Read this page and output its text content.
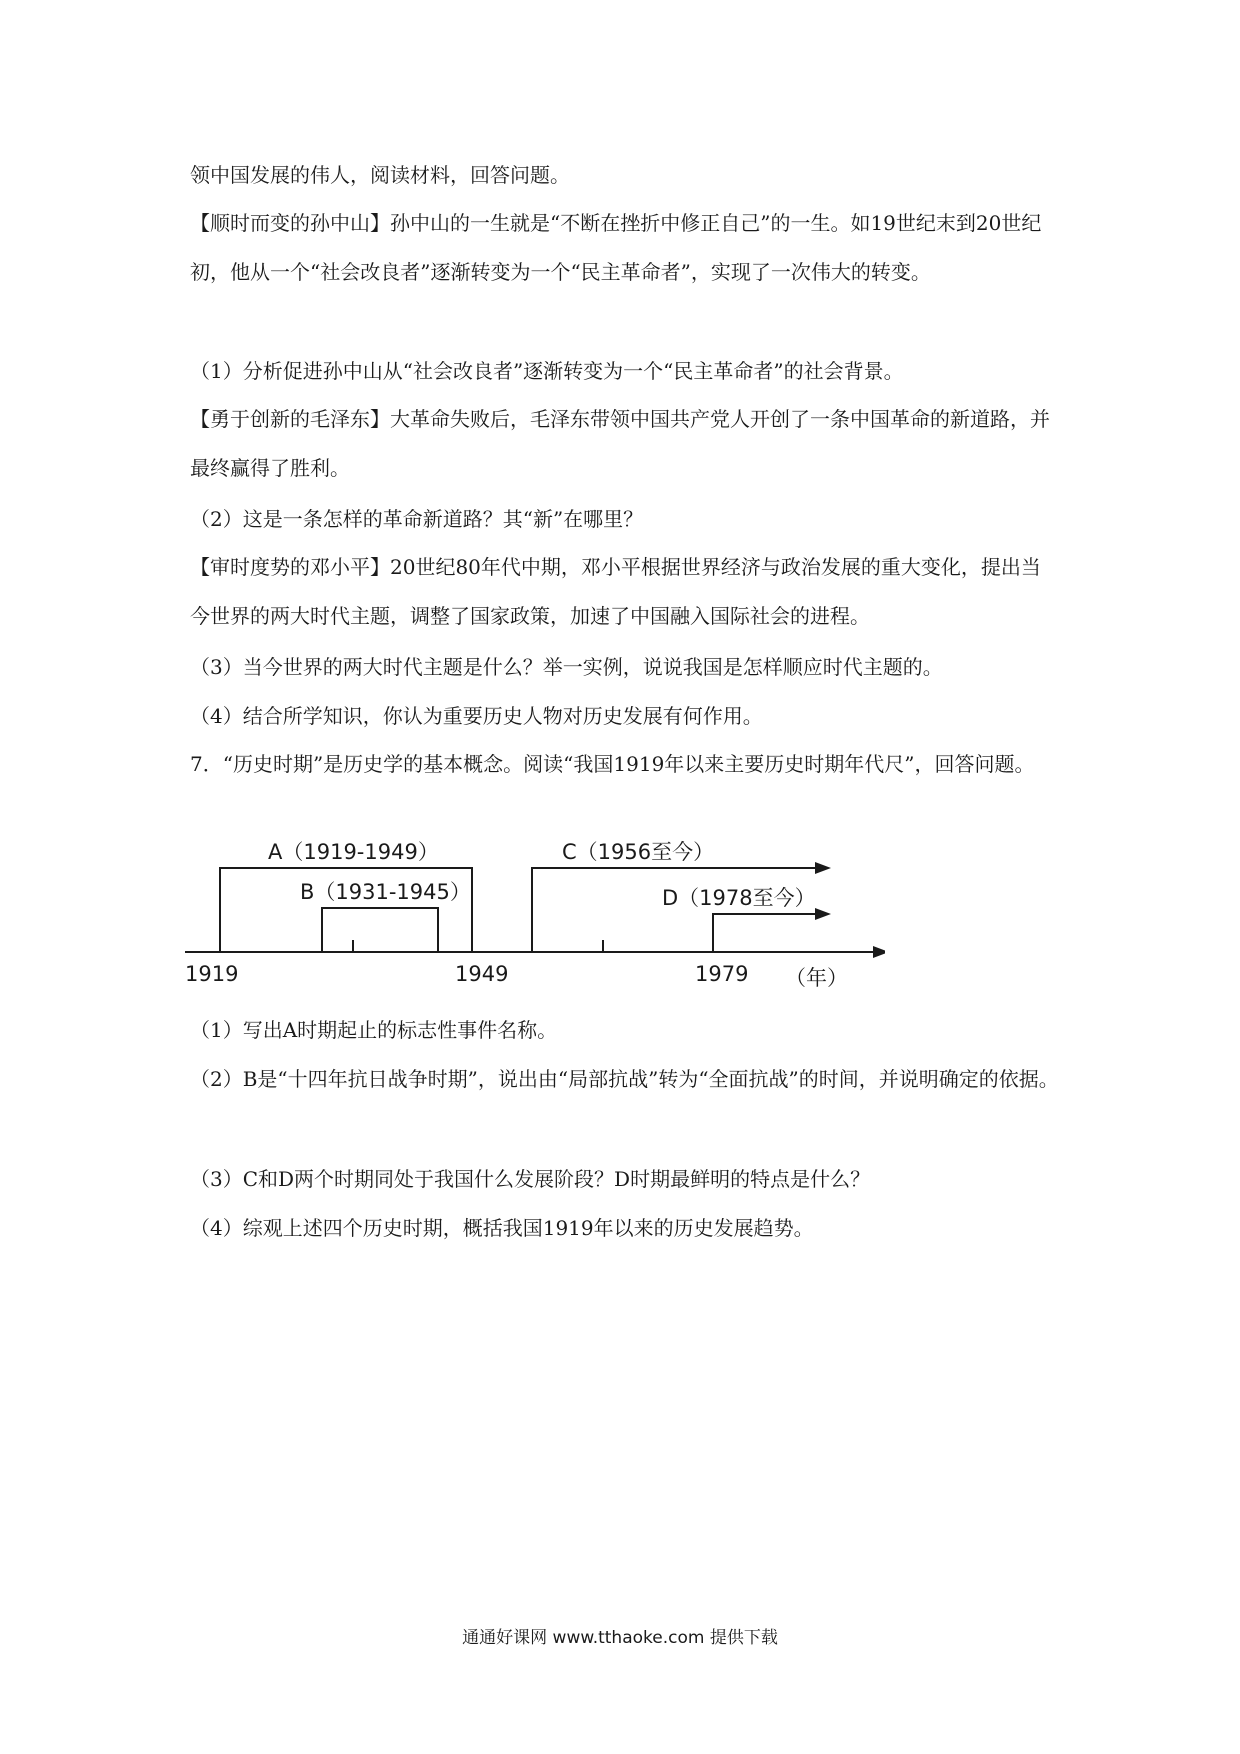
领中国发展的伟人，阅读材料，回答问题。
【顺时而变的孙中山】孙中山的一生就是“不断在挫折中修正自己”的一生。如19世纪末到20世纪初，他从一个“社会改良者”逐渐转变为一个“民主革命者”，实现了一次伟大的转变。
（1）分析促进孙中山从“社会改良者”逐渐转变为一个“民主革命者”的社会背景。
【勇于创新的毛泽东】大革命失败后，毛泽东带领中国共产党人开创了一条中国革命的新道路，并最终赢得了胜利。
（2）这是一条怎样的革命新道路？其“新”在哪里？
【审时度势的邓小平】20世纪80年代中期，邓小平根据世界经济与政治发展的重大变化，提出当今世界的两大时代主题，调整了国家政策，加速了中国融入国际社会的进程。
（3）当今世界的两大时代主题是什么？举一实例，说说我国是怎样顺应时代主题的。
（4）结合所学知识，你认为重要历史人物对历史发展有何作用。
7．“历史时期”是历史学的基本概念。阅读“我国1919年以来主要历史时期年代尺”，回答问题。
A（1919-1949）
B（1931-1945）
C（1956至今）
D（1978至今）
1919	1949	1979 （年）
（1）写出A时期起止的标志性事件名称。
（2）B是“十四年抗日战争时期”，说出由“局部抗战”转为“全面抗战”的时间，并说明确定的依据。
（3）C和D两个时期同处于我国什么发展阶段？D时期最鲜明的特点是什么？
（4）综观上述四个历史时期，概括我国1919年以来的历史发展趋势。
通通好课网 www.tthaoke.com 提供下载
